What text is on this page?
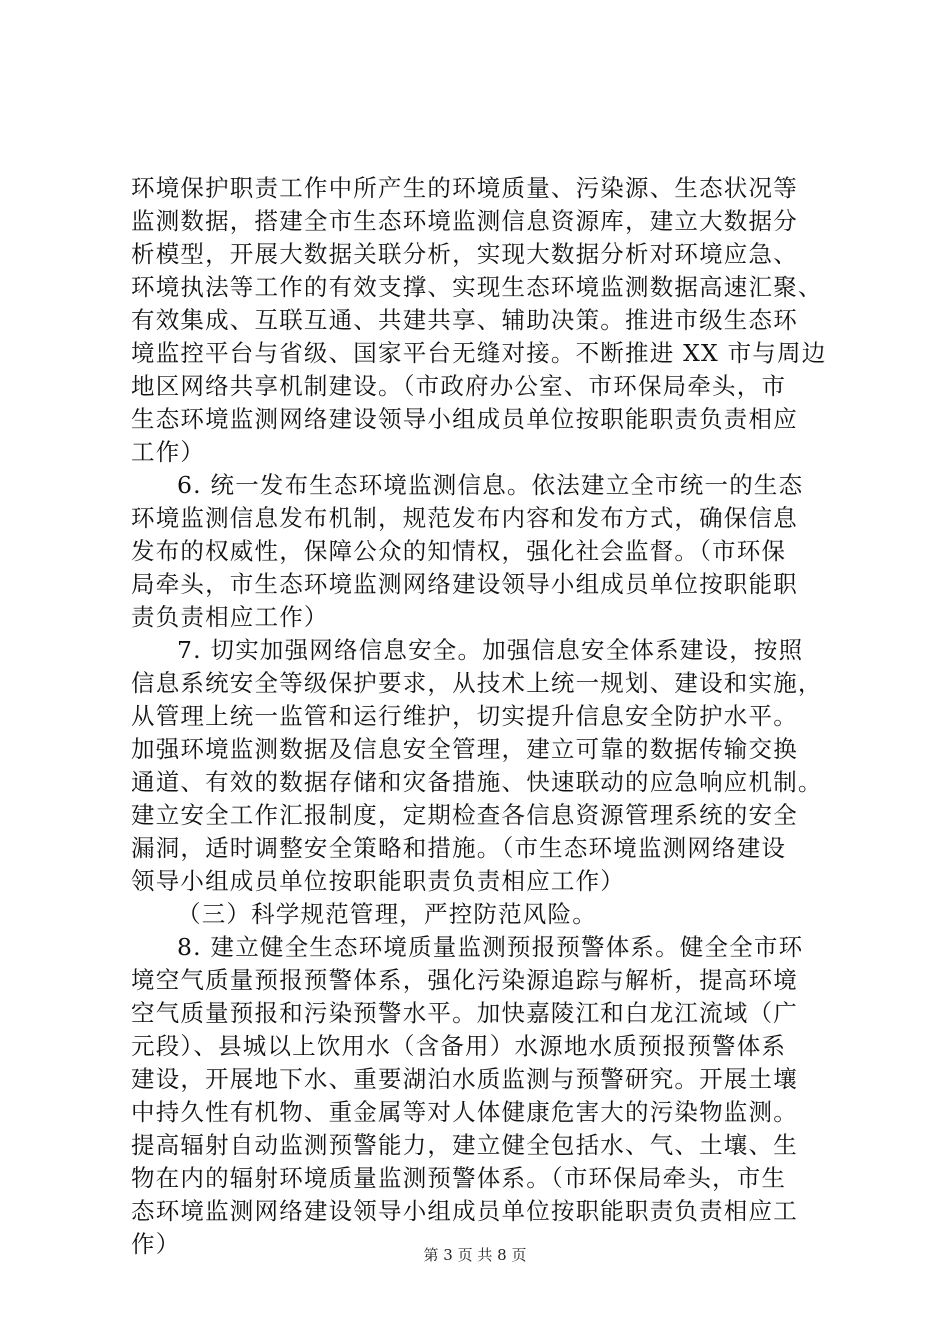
环境保护职责工作中所产生的环境质量、污染源、生态状况等
监测数据，搭建全市生态环境监测信息资源库，建立大数据分
析模型，开展大数据关联分析，实现大数据分析对环境应急、
环境执法等工作的有效支撑、实现生态环境监测数据高速汇聚、
有效集成、互联互通、共建共享、辅助决策。推进市级生态环
境监控平台与省级、国家平台无缝对接。不断推进 XX 市与周边
地区网络共享机制建设。（市政府办公室、市环保局牵头，市
生态环境监测网络建设领导小组成员单位按职能职责负责相应
工作）
6. 统一发布生态环境监测信息。依法建立全市统一的生态
环境监测信息发布机制，规范发布内容和发布方式，确保信息
发布的权威性，保障公众的知情权，强化社会监督。（市环保
局牵头，市生态环境监测网络建设领导小组成员单位按职能职
责负责相应工作）
7. 切实加强网络信息安全。加强信息安全体系建设，按照
信息系统安全等级保护要求，从技术上统一规划、建设和实施，
从管理上统一监管和运行维护，切实提升信息安全防护水平。
加强环境监测数据及信息安全管理，建立可靠的数据传输交换
通道、有效的数据存储和灾备措施、快速联动的应急响应机制。
建立安全工作汇报制度，定期检查各信息资源管理系统的安全
漏洞，适时调整安全策略和措施。（市生态环境监测网络建设
领导小组成员单位按职能职责负责相应工作）
（三）科学规范管理，严控防范风险。
8. 建立健全生态环境质量监测预报预警体系。健全全市环
境空气质量预报预警体系，强化污染源追踪与解析，提高环境
空气质量预报和污染预警水平。加快嘉陵江和白龙江流域（广
元段）、县城以上饮用水（含备用）水源地水质预报预警体系
建设，开展地下水、重要湖泊水质监测与预警研究。开展土壤
中持久性有机物、重金属等对人体健康危害大的污染物监测。
提高辐射自动监测预警能力，建立健全包括水、气、土壤、生
物在内的辐射环境质量监测预警体系。（市环保局牵头，市生
态环境监测网络建设领导小组成员单位按职能职责负责相应工
作）	第 3 页 共 8 页
